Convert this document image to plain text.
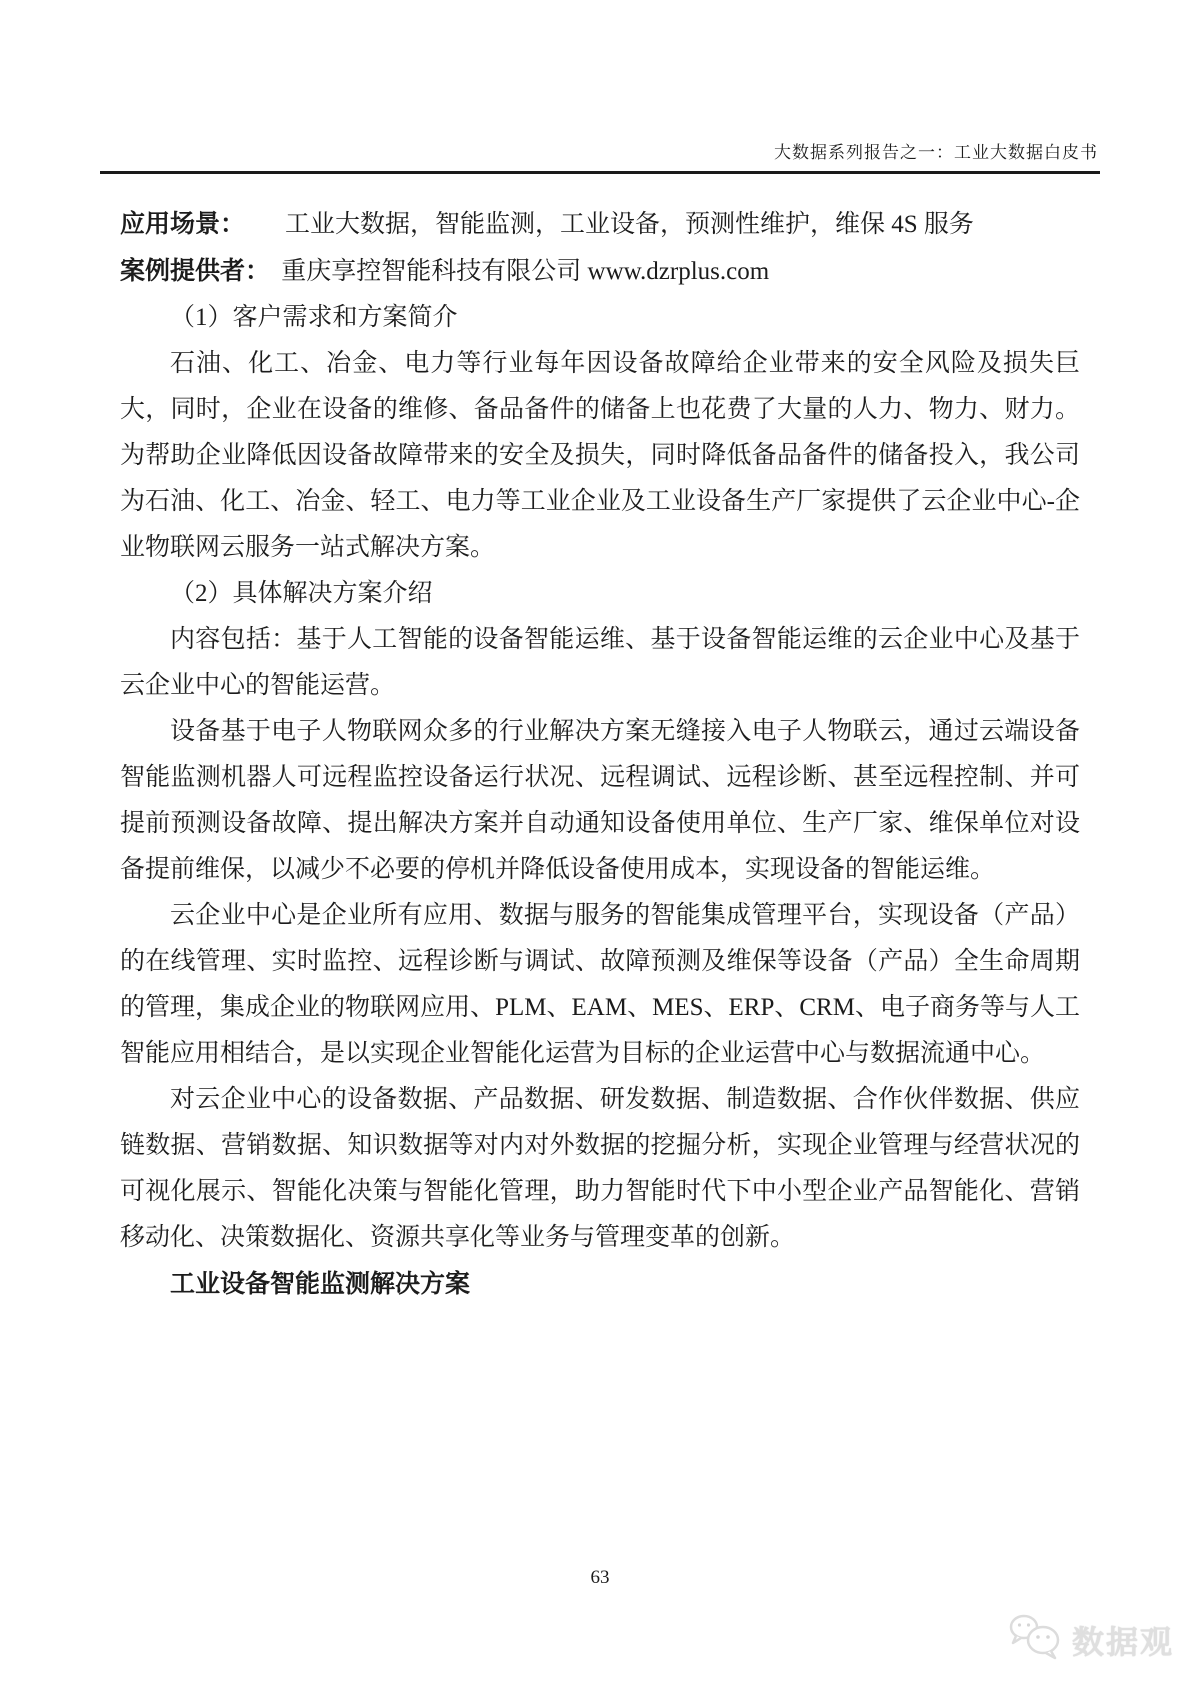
大数据系列报告之一：工业大数据白皮书

应用场景： 工业大数据，智能监测，工业设备，预测性维护，维保 4S 服务

案例提供者： 重庆享控智能科技有限公司 www.dzrplus.com

（1）客户需求和方案简介

石油、化工、冶金、电力等行业每年因设备故障给企业带来的安全风险及损失巨大，同时，企业在设备的维修、备品备件的储备上也花费了大量的人力、物力、财力。为帮助企业降低因设备故障带来的安全及损失，同时降低备品备件的储备投入，我公司为石油、化工、冶金、轻工、电力等工业企业及工业设备生产厂家提供了云企业中心-企业物联网云服务一站式解决方案。

（2）具体解决方案介绍

内容包括：基于人工智能的设备智能运维、基于设备智能运维的云企业中心及基于云企业中心的智能运营。

设备基于电子人物联网众多的行业解决方案无缝接入电子人物联云，通过云端设备智能监测机器人可远程监控设备运行状况、远程调试、远程诊断、甚至远程控制、并可提前预测设备故障、提出解决方案并自动通知设备使用单位、生产厂家、维保单位对设备提前维保，以减少不必要的停机并降低设备使用成本，实现设备的智能运维。

云企业中心是企业所有应用、数据与服务的智能集成管理平台，实现设备（产品）的在线管理、实时监控、远程诊断与调试、故障预测及维保等设备（产品）全生命周期的管理，集成企业的物联网应用、PLM、EAM、MES、ERP、CRM、电子商务等与人工智能应用相结合，是以实现企业智能化运营为目标的企业运营中心与数据流通中心。

对云企业中心的设备数据、产品数据、研发数据、制造数据、合作伙伴数据、供应链数据、营销数据、知识数据等对内对外数据的挖掘分析，实现企业管理与经营状况的可视化展示、智能化决策与智能化管理，助力智能时代下中小型企业产品智能化、营销移动化、决策数据化、资源共享化等业务与管理变革的创新。

工业设备智能监测解决方案

63
数据观
